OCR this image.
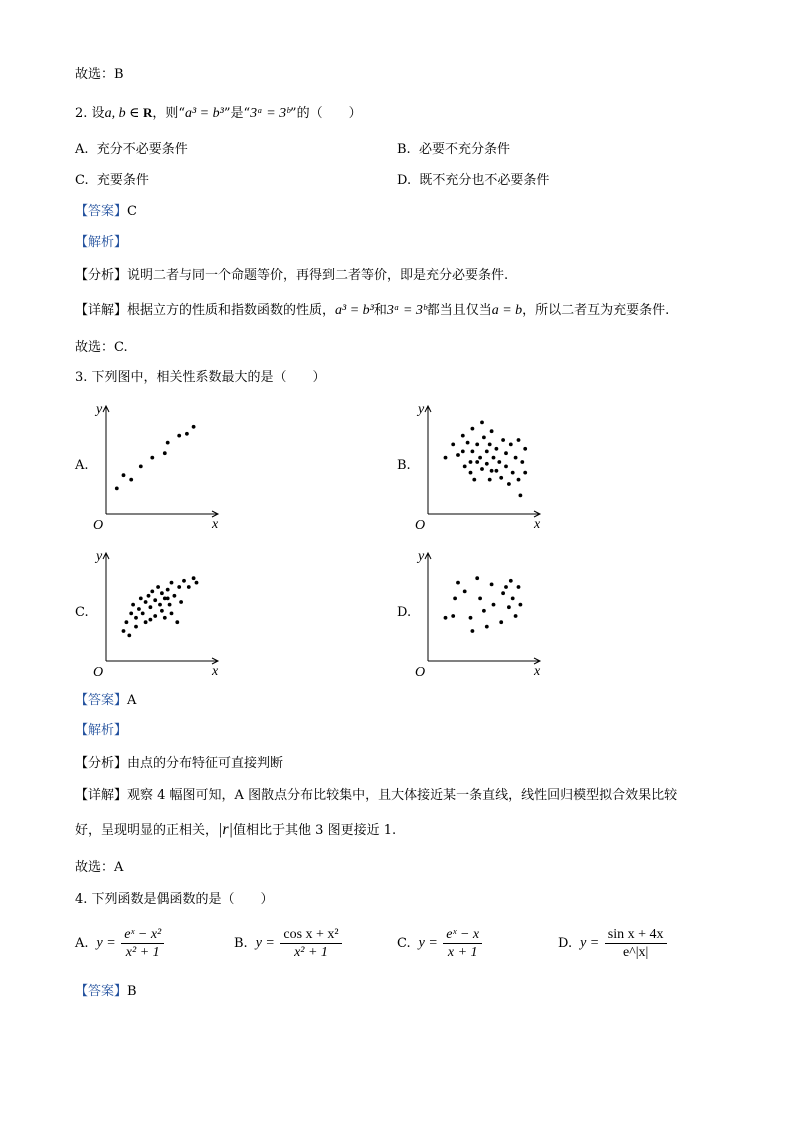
故选：B
2. 设a, b ∈ R，则“a³ = b³”是“3ᵃ = 3ᵇ”的（　　）
A. 充分不必要条件	B. 必要不充分条件
C. 充要条件	D. 既不充分也不必要条件
【答案】C
【解析】
【分析】说明二者与同一个命题等价，再得到二者等价，即是充分必要条件.
【详解】根据立方的性质和指数函数的性质，a³ = b³和3ᵃ = 3ᵇ都当且仅当a = b，所以二者互为充要条件.
故选：C.
3. 下列图中，相关性系数最大的是（　　）
A.	B.
C.	D.
y
x
O
y
x
O
y
x
O
y
x
O
【答案】A
【解析】
【分析】由点的分布特征可直接判断
【详解】观察 4 幅图可知，A 图散点分布比较集中，且大体接近某一条直线，线性回归模型拟合效果比较
好，呈现明显的正相关，|r|值相比于其他 3 图更接近 1.
故选：A
4. 下列函数是偶函数的是（　　）
A. $y = \frac{\text{eˣ − x²}}{\text{x² + 1}}$	B. $y = \frac{\text{cos x + x²}}{\text{x² + 1}}$	C. $y = \frac{\text{eˣ − x}}{x + 1}$	D. $y = \frac{\text{sin x + 4x}}{e\^{}|x|}$
【答案】B
